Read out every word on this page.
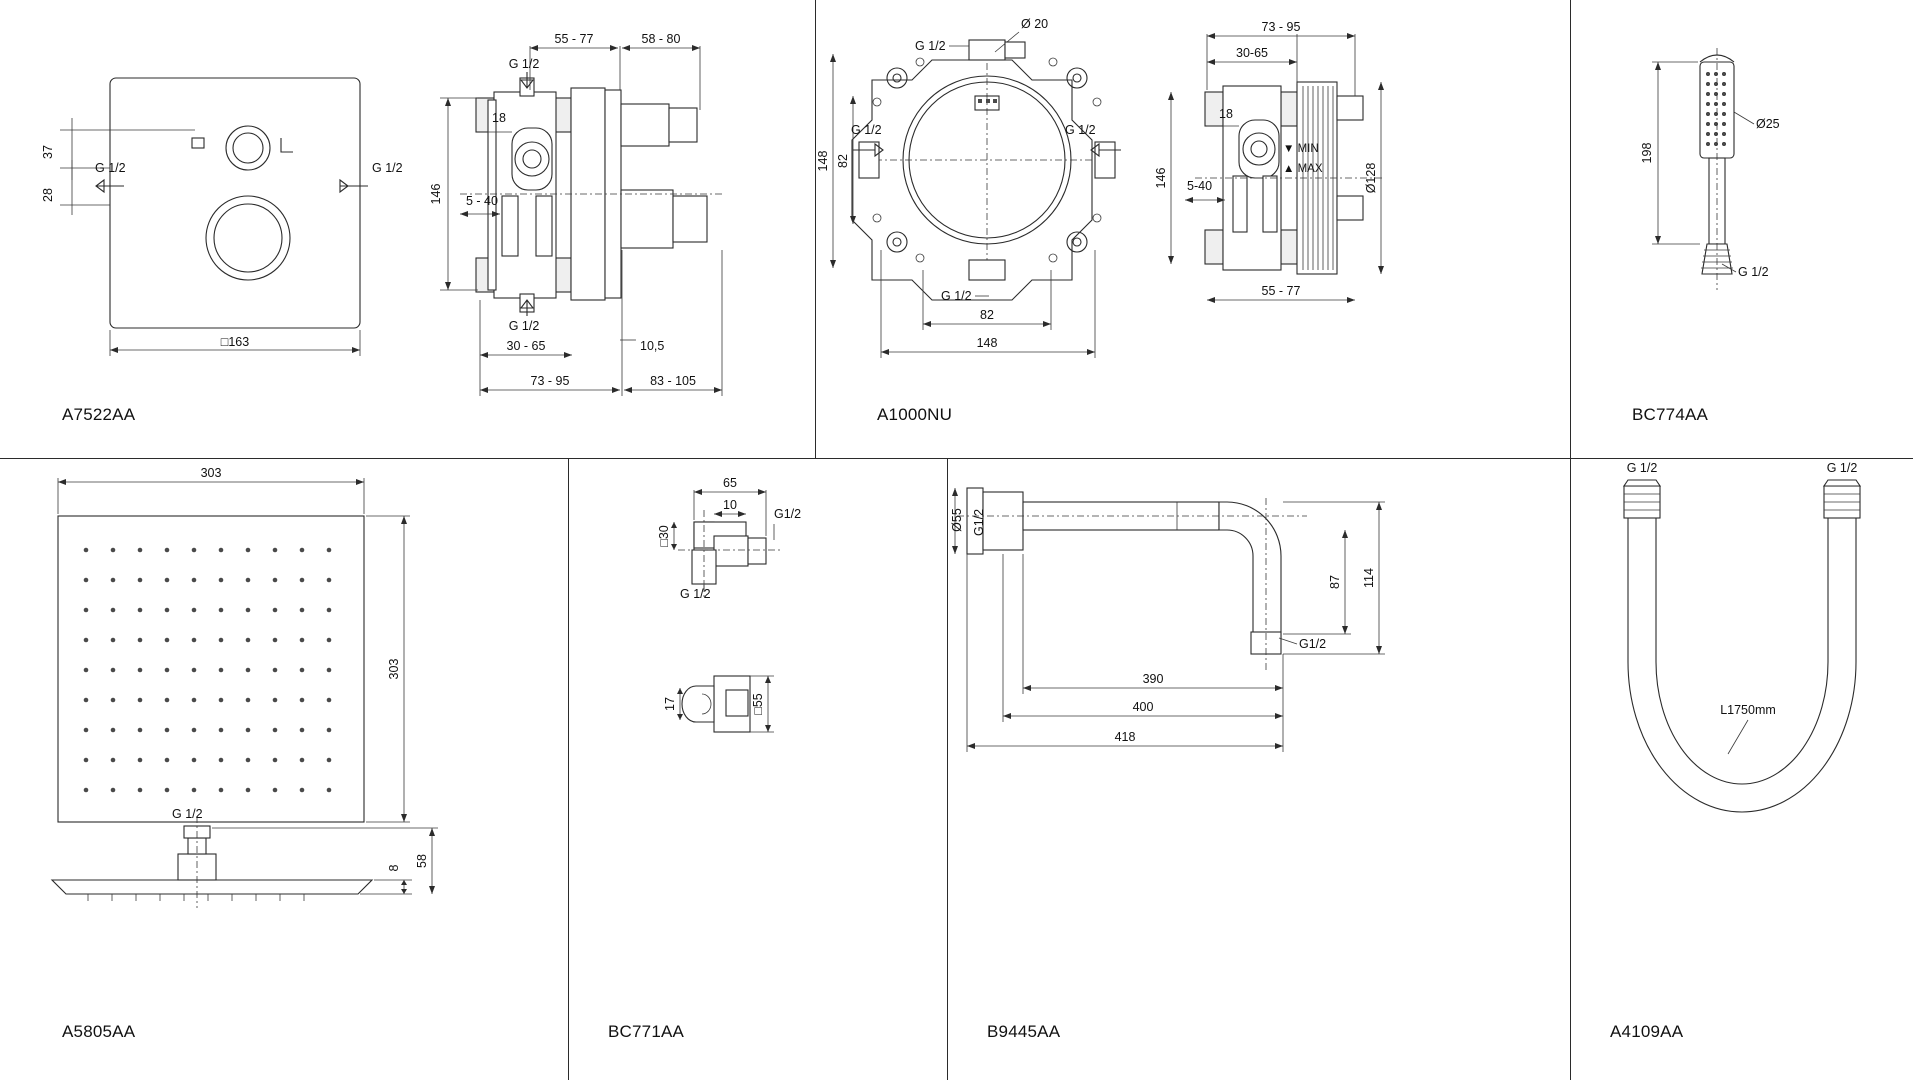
37
28
G 1/2	G 1/2
□163
55 - 77	58 - 80
G 1/2
G 1/2
146
18
5 - 40
30 - 65	10,5
73 - 95	83 - 105
A7522AA
G 1/2
Ø 20
148 82
G 1/2	G 1/2
G 1/2
82
148
▼ MIN
▲ MAX
73 - 95
30-65
18
5-40
146	Ø128
55 - 77
A1000NU
198
Ø25
G 1/2
BC774AA
303
303
G 1/2
8
58
A5805AA
65
10
G1/2
□30
G 1/2
17	□55
BC771AA
Ø55 G1/2
G1/2
87 114
390
400
418
B9445AA
G 1/2	G 1/2
L1750mm
A4109AA
